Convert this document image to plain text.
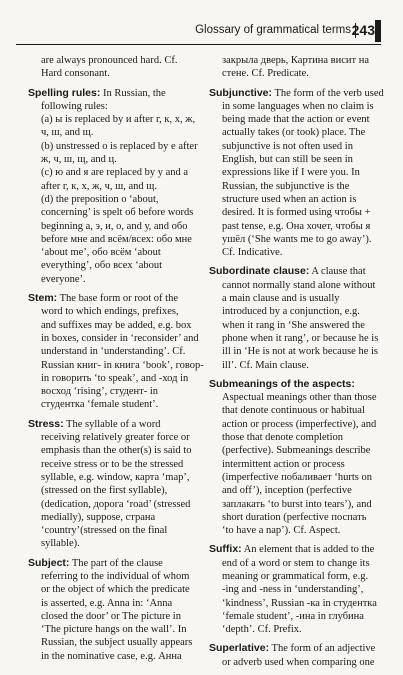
Glossary of grammatical terms 243
are always pronounced hard. Cf.
Hard consonant.
Spelling rules: In Russian, the
following rules:
(a) ы is replaced by и after г, к, х, ж,
ч, ш, and щ.
(b) unstressed о is replaced by е after
ж, ч, ш, щ, and ц.
(c) ю and я are replaced by у and а
after г, к, х, ж, ч, ш, and щ.
(d) the preposition о ‘about,
concerning’ is spelt об before words
beginning а, э, и, о, and у, and обо
before мне and всём/всех: обо мне
‘about me’, обо всём ‘about
everything’, обо всех ‘about
everyone’.
Stem: The base form or root of the
word to which endings, prefixes,
and suffixes may be added, e.g. box
in boxes, consider in ‘reconsider’ and
understand in ‘understanding’. Cf.
Russian книг- in книга ‘book’, говор-
in говорить ‘to speak’, and -ход in
восход ‘rising’, студент- in
студентка ‘female student’.
Stress: The syllable of a word
receiving relatively greater force or
emphasis than the other(s) is said to
receive stress or to be the stressed
syllable, e.g. window, карта ‘map’,
(stressed on the first syllable),
(dedication, дорога ‘road’ (stressed
medially), suppose, страна
‘country’(stressed on the final
syllable).
Subject: The part of the clause
referring to the individual of whom
or the object of which the predicate
is asserted, e.g. Anna in: ‘Anna
closed the door’ or The picture in
‘The picture hangs on the wall’. In
Russian, the subject usually appears
in the nominative case, e.g. Анна
закрыла дверь, Картина висит на
стене. Cf. Predicate.
Subjunctive: The form of the verb used
in some languages when no claim is
being made that the action or event
actually takes (or took) place. The
subjunctive is not often used in
English, but can still be seen in
expressions like if I were you. In
Russian, the subjunctive is the
structure used when an action is
desired. It is formed using чтобы +
past tense, e.g. Она хочет, чтобы я
ушёл (‘She wants me to go away’).
Cf. Indicative.
Subordinate clause: A clause that
cannot normally stand alone without
a main clause and is usually
introduced by a conjunction, e.g.
when it rang in ‘She answered the
phone when it rang’, or because he is
ill in ‘He is not at work because he is
ill’. Cf. Main clause.
Submeanings of the aspects:
Aspectual meanings other than those
that denote continuous or habitual
action or process (imperfective), and
those that denote completion
(perfective). Submeanings describe
intermittent action or process
(imperfective побаливает ‘hurts on
and off’), inception (perfective
заплакать ‘to burst into tears’), and
short duration (perfective поспать
‘to have a nap’). Cf. Aspect.
Suffix: An element that is added to the
end of a word or stem to change its
meaning or grammatical form, e.g.
-ing and -ness in ‘understanding’,
‘kindness’, Russian -ка in студентка
‘female student’, -ина in глубина
‘depth’. Cf. Prefix.
Superlative: The form of an adjective
or adverb used when comparing one
